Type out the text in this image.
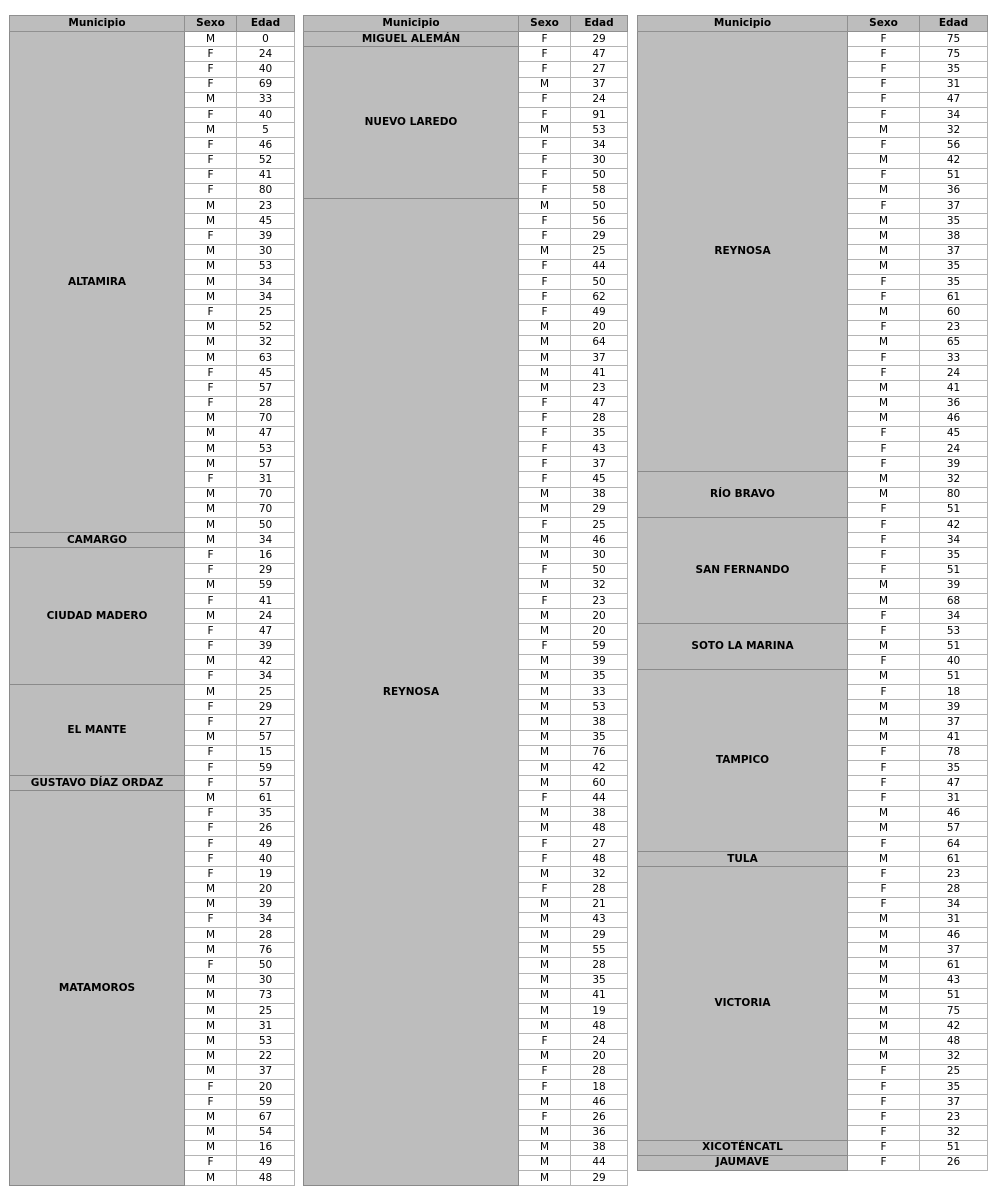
Municipio	Sexo	Edad
ALTAMIRA	M	0
	F	24
	F	40
	F	69
	M	33
	F	40
	M	5
	F	46
	F	52
	F	41
	F	80
	M	23
	M	45
	F	39
	M	30
	M	53
	M	34
	M	34
	F	25
	M	52
	M	32
	M	63
	F	45
	F	57
	F	28
	M	70
	M	47
	M	53
	M	57
	F	31
	M	70
	M	70
	M	50
CAMARGO	M	34
CIUDAD MADERO	F	16
	F	29
	M	59
	F	41
	M	24
	F	47
	F	39
	M	42
	F	34
EL MANTE	M	25
	F	29
	F	27
	M	57
	F	15
	F	59
GUSTAVO DÍAZ ORDAZ	F	57
MATAMOROS	M	61
	F	35
	F	26
	F	49
	F	40
	F	19
	M	20
	M	39
	F	34
	M	28
	M	76
	F	50
	M	30
	M	73
	M	25
	M	31
	M	53
	M	22
	M	37
	F	20
	F	59
	M	67
	M	54
	M	16
	F	49
	M	48
Municipio	Sexo	Edad
MIGUEL ALEMÁN	F	29
NUEVO LAREDO	F	47
	F	27
	M	37
	F	24
	F	91
	M	53
	F	34
	F	30
	F	50
	F	58
REYNOSA	M	50
	F	56
	F	29
	M	25
	F	44
	F	50
	F	62
	F	49
	M	20
	M	64
	M	37
	M	41
	M	23
	F	47
	F	28
	F	35
	F	43
	F	37
	F	45
	M	38
	M	29
	F	25
	M	46
	M	30
	F	50
	M	32
	F	23
	M	20
	M	20
	F	59
	M	39
	M	35
	M	33
	M	53
	M	38
	M	35
	M	76
	M	42
	M	60
	F	44
	M	38
	M	48
	F	27
	F	48
	M	32
	F	28
	M	21
	M	43
	M	29
	M	55
	M	28
	M	35
	M	41
	M	19
	M	48
	F	24
	M	20
	F	28
	F	18
	M	46
	F	26
	M	36
	M	38
	M	44
	M	29
Municipio	Sexo	Edad
REYNOSA	F	75
	F	75
	F	35
	F	31
	F	47
	F	34
	M	32
	F	56
	M	42
	F	51
	M	36
	F	37
	M	35
	M	38
	M	37
	M	35
	F	35
	F	61
	M	60
	F	23
	M	65
	F	33
	F	24
	M	41
	M	36
	M	46
	F	45
	F	24
	F	39
RÍO BRAVO	M	32
	M	80
	F	51
SAN FERNANDO	F	42
	F	34
	F	35
	F	51
	M	39
	M	68
	F	34
SOTO LA MARINA	F	53
	M	51
	F	40
TAMPICO	M	51
	F	18
	M	39
	M	37
	M	41
	F	78
	F	35
	F	47
	F	31
	M	46
	M	57
	F	64
TULA	M	61
VICTORIA	F	23
	F	28
	F	34
	M	31
	M	46
	M	37
	M	61
	M	43
	M	51
	M	75
	M	42
	M	48
	M	32
	F	25
	F	35
	F	37
	F	23
	F	32
XICOTÉNCATL	F	51
JAUMAVE	F	26
